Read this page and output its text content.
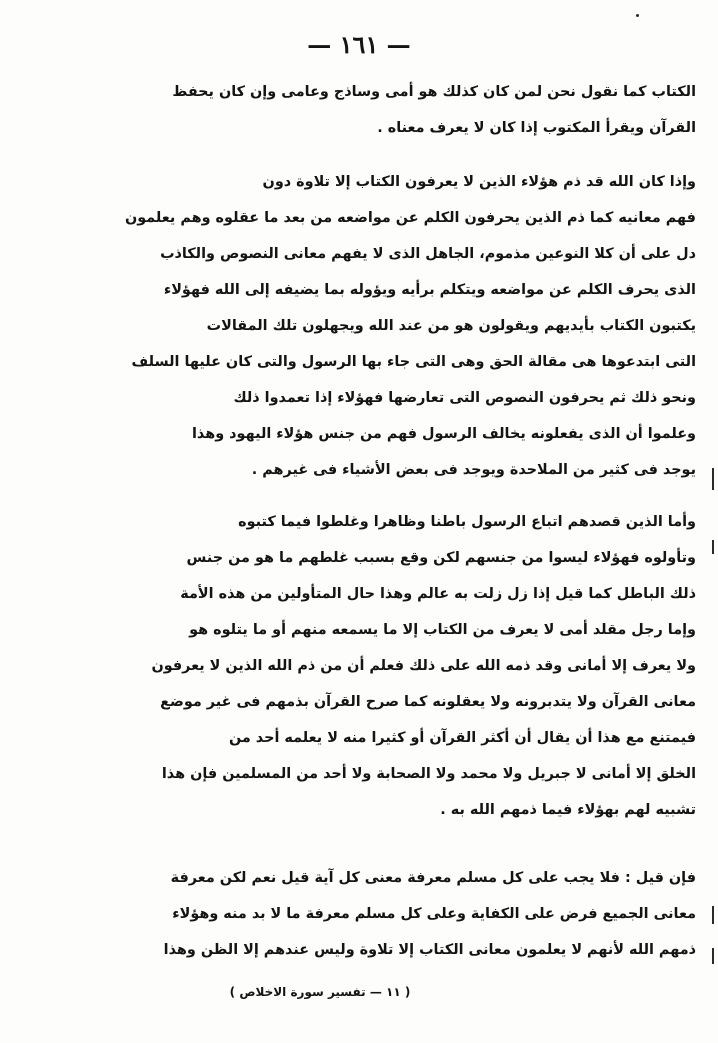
— ١٦١ —
الكتاب كما نقول نحن لمن كان كذلك هو أمى وساذج وعامى وإن كان يحفظ
القرآن ويقرأ المكتوب إذا كان لا يعرف معناه .
وإذا كان الله قد ذم هؤلاء الذين لا يعرفون الكتاب إلا تلاوة دون
فهم معانيه كما ذم الذين يحرفون الكلم عن مواضعه من بعد ما عقلوه وهم يعلمون
دل على أن كلا النوعين مذموم، الجاهل الذى لا يفهم معانى النصوص والكاذب
الذى يحرف الكلم عن مواضعه ويتكلم برأيه ويؤوله بما يضيفه إلى الله فهؤلاء
يكتبون الكتاب بأيديهم ويقولون هو من عند الله ويجهلون تلك المقالات
التى ابتدعوها هى مقالة الحق وهى التى جاء بها الرسول والتى كان عليها السلف
ونحو ذلك ثم يحرفون النصوص التى تعارضها فهؤلاء إذا تعمدوا ذلك
وعلموا أن الذى يفعلونه يخالف الرسول فهم من جنس هؤلاء اليهود وهذا
يوجد فى كثير من الملاحدة ويوجد فى بعض الأشياء فى غيرهم .
وأما الذين قصدهم اتباع الرسول باطنا وظاهرا وغلطوا فيما كتبوه
وتأولوه فهؤلاء ليسوا من جنسهم لكن وقع بسبب غلطهم ما هو من جنس
ذلك الباطل كما قيل إذا زل زلت به عالم وهذا حال المتأولين من هذه الأمة
وإما رجل مقلد أمى لا يعرف من الكتاب إلا ما يسمعه منهم أو ما يتلوه هو
ولا يعرف إلا أمانى وقد ذمه الله على ذلك فعلم أن من ذم الله الذين لا يعرفون
معانى القرآن ولا يتدبرونه ولا يعقلونه كما صرح القرآن بذمهم فى غير موضع
فيمتنع مع هذا أن يقال أن أكثر القرآن أو كثيرا منه لا يعلمه أحد من
الخلق إلا أمانى لا جبريل ولا محمد ولا الصحابة ولا أحد من المسلمين فإن هذا
تشبيه لهم بهؤلاء فيما ذمهم الله به .
فإن قيل : فلا يجب على كل مسلم معرفة معنى كل آية قيل نعم لكن معرفة
معانى الجميع فرض على الكفاية وعلى كل مسلم معرفة ما لا بد منه وهؤلاء
ذمهم الله لأنهم لا يعلمون معانى الكتاب إلا تلاوة وليس عندهم إلا الظن وهذا
( ١١ — تفسير سورة الاخلاص )
